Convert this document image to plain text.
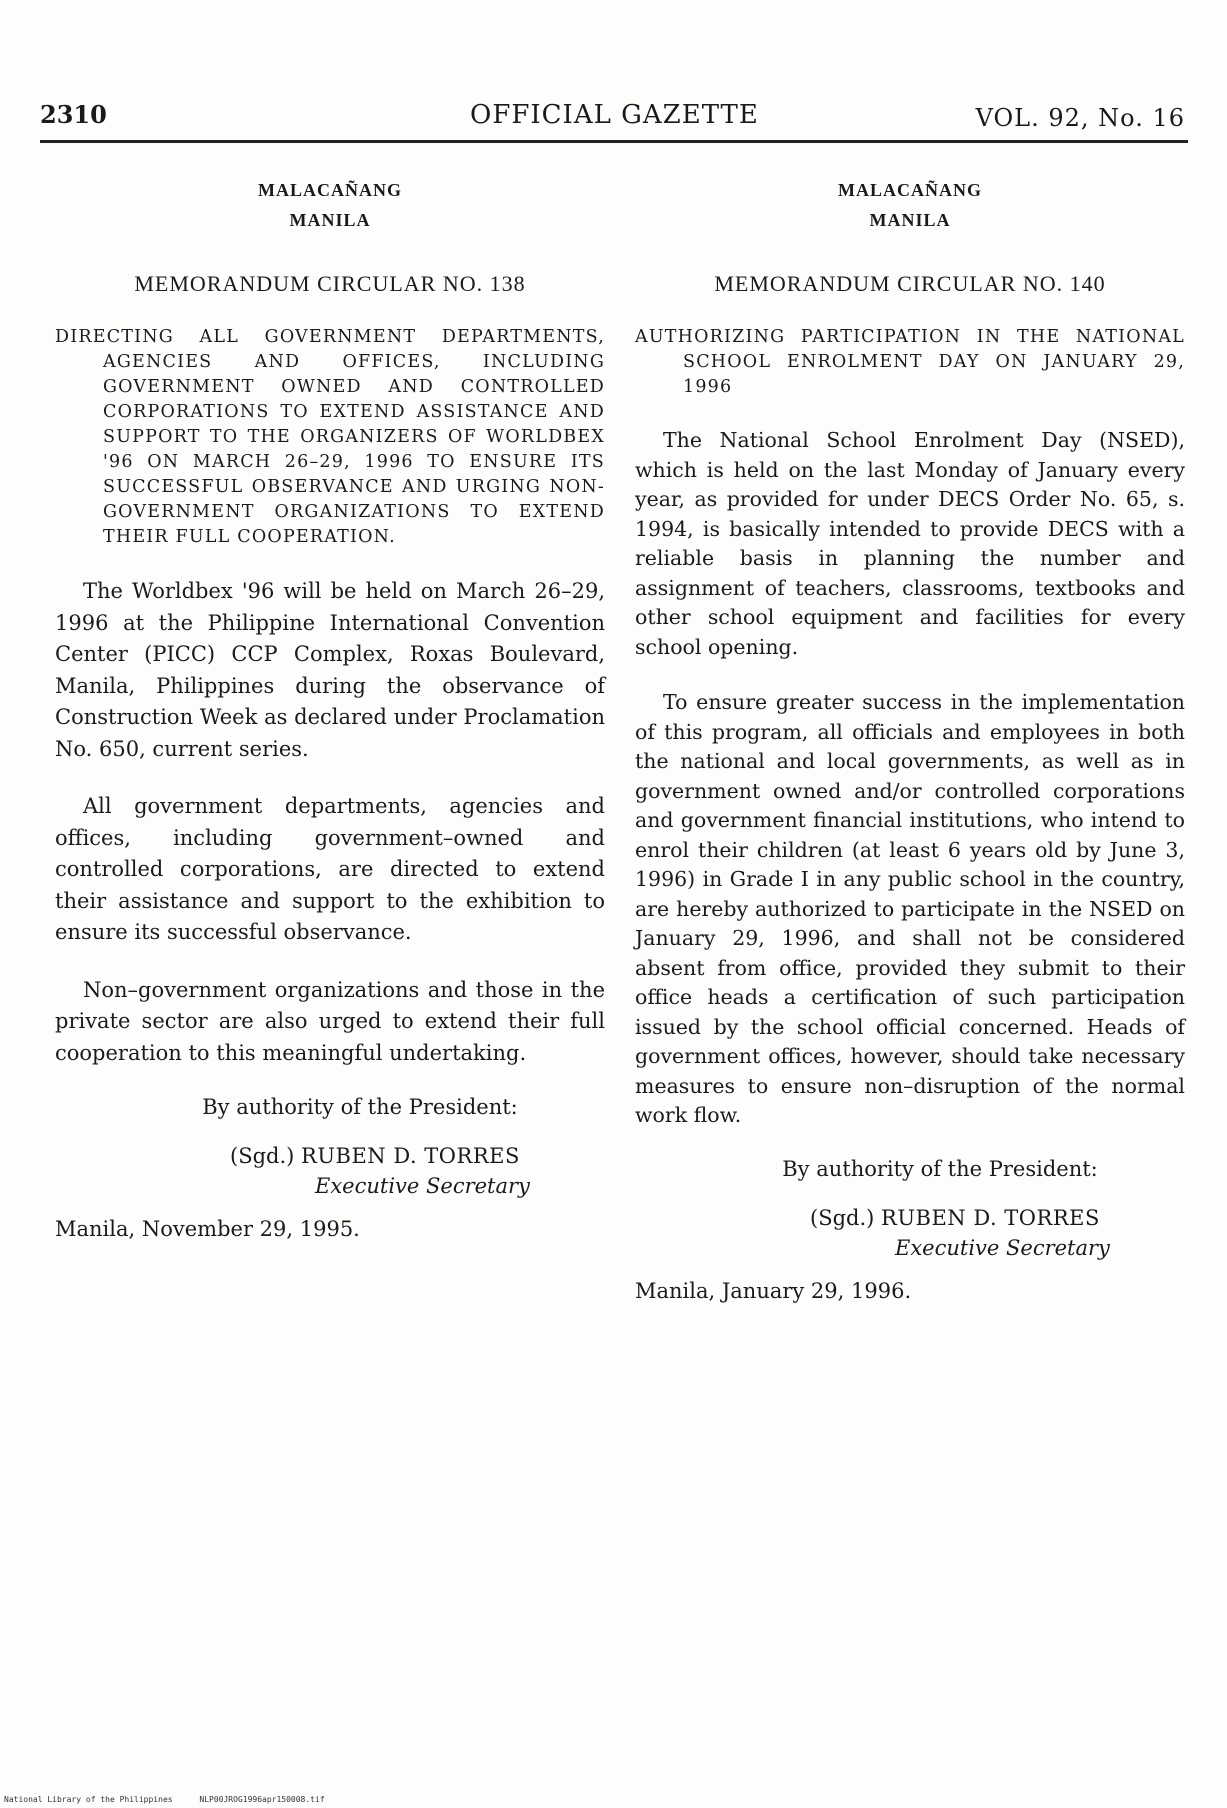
2310	OFFICIAL GAZETTE	VOL. 92, No. 16
MALACAÑANG
MANILA
MEMORANDUM CIRCULAR NO. 138
DIRECTING ALL GOVERNMENT DEPARTMENTS, AGENCIES AND OFFICES, INCLUDING GOVERNMENT OWNED AND CONTROLLED CORPORATIONS TO EXTEND ASSISTANCE AND SUPPORT TO THE ORGANIZERS OF WORLDBEX '96 ON MARCH 26–29, 1996 TO ENSURE ITS SUCCESSFUL OBSERVANCE AND URGING NON-GOVERNMENT ORGANIZATIONS TO EXTEND THEIR FULL COOPERATION.

The Worldbex '96 will be held on March 26–29, 1996 at the Philippine International Convention Center (PICC) CCP Complex, Roxas Boulevard, Manila, Philippines during the observance of Construction Week as declared under Proclamation No. 650, current series.

All government departments, agencies and offices, including government–owned and controlled corporations, are directed to extend their assistance and support to the exhibition to ensure its successful observance.

Non–government organizations and those in the private sector are also urged to extend their full cooperation to this meaningful undertaking.

By authority of the President:
(Sgd.) RUBEN D. TORRES
Executive Secretary
Manila, November 29, 1995.
MALACAÑANG
MANILA
MEMORANDUM CIRCULAR NO. 140
AUTHORIZING PARTICIPATION IN THE NATIONAL SCHOOL ENROLMENT DAY ON JANUARY 29, 1996

The National School Enrolment Day (NSED), which is held on the last Monday of January every year, as provided for under DECS Order No. 65, s. 1994, is basically intended to provide DECS with a reliable basis in planning the number and assignment of teachers, classrooms, textbooks and other school equipment and facilities for every school opening.

To ensure greater success in the implementation of this program, all officials and employees in both the national and local governments, as well as in government owned and/or controlled corporations and government financial institutions, who intend to enrol their children (at least 6 years old by June 3, 1996) in Grade I in any public school in the country, are hereby authorized to participate in the NSED on January 29, 1996, and shall not be considered absent from office, provided they submit to their office heads a certification of such participation issued by the school official concerned. Heads of government offices, however, should take necessary measures to ensure non–disruption of the normal work flow.

By authority of the President:
(Sgd.) RUBEN D. TORRES
Executive Secretary
Manila, January 29, 1996.
National Library of the Philippines	NLP00JROG1996apr150008.tif
